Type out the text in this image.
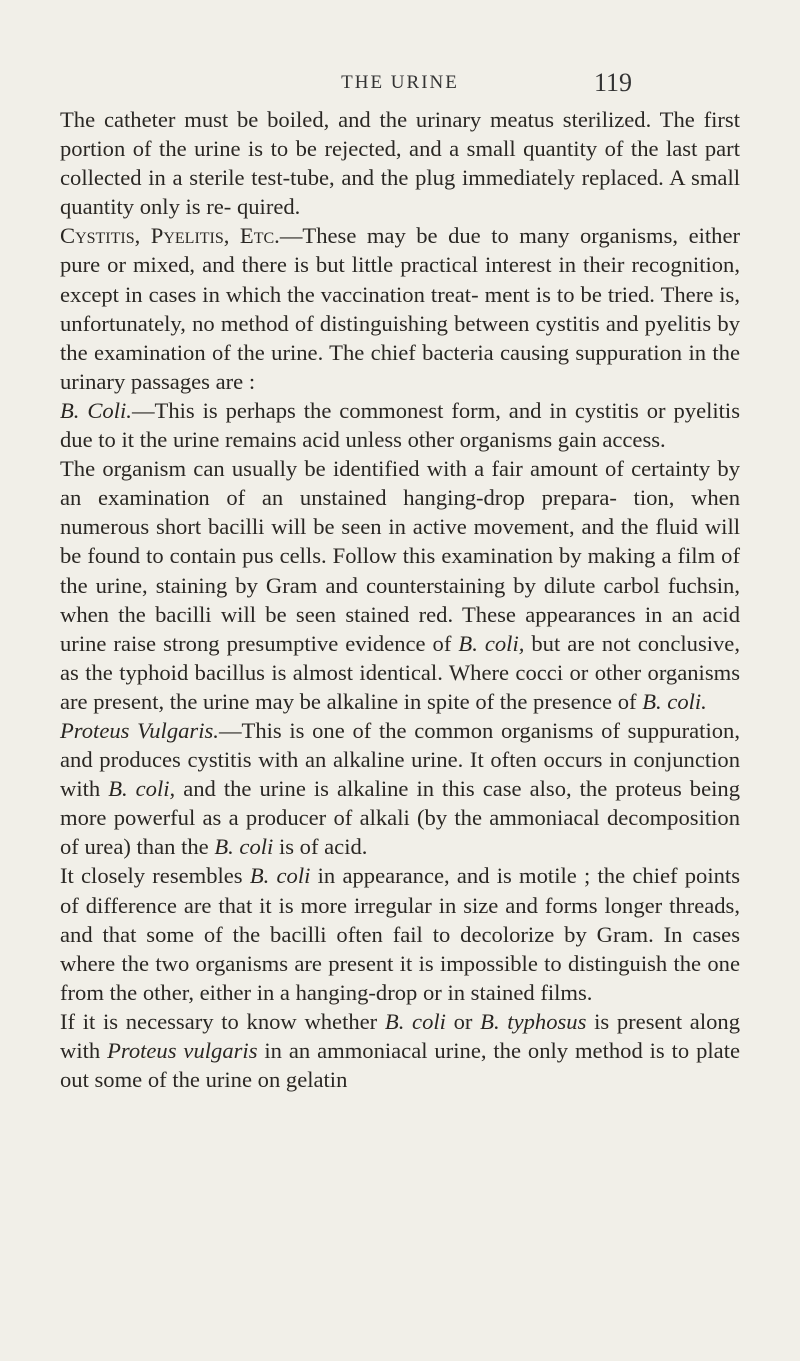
THE URINE	119

The catheter must be boiled, and the urinary meatus sterilized. The first portion of the urine is to be rejected, and a small quantity of the last part collected in a sterile test-tube, and the plug immediately replaced. A small quantity only is re- quired.

Cystitis, Pyelitis, Etc.—These may be due to many organisms, either pure or mixed, and there is but little practical interest in their recognition, except in cases in which the vaccination treat- ment is to be tried. There is, unfortunately, no method of distinguishing between cystitis and pyelitis by the examination of the urine. The chief bacteria causing suppuration in the urinary passages are :

B. Coli.—This is perhaps the commonest form, and in cystitis or pyelitis due to it the urine remains acid unless other organisms gain access.

The organism can usually be identified with a fair amount of certainty by an examination of an unstained hanging-drop prepara- tion, when numerous short bacilli will be seen in active movement, and the fluid will be found to contain pus cells. Follow this examination by making a film of the urine, staining by Gram and counterstaining by dilute carbol fuchsin, when the bacilli will be seen stained red. These appearances in an acid urine raise strong presumptive evidence of B. coli, but are not conclusive, as the typhoid bacillus is almost identical. Where cocci or other organisms are present, the urine may be alkaline in spite of the presence of B. coli.

Proteus Vulgaris.—This is one of the common organisms of suppuration, and produces cystitis with an alkaline urine. It often occurs in conjunction with B. coli, and the urine is alkaline in this case also, the proteus being more powerful as a producer of alkali (by the ammoniacal decomposition of urea) than the B. coli is of acid.

It closely resembles B. coli in appearance, and is motile ; the chief points of difference are that it is more irregular in size and forms longer threads, and that some of the bacilli often fail to decolorize by Gram. In cases where the two organisms are present it is impossible to distinguish the one from the other, either in a hanging-drop or in stained films.

If it is necessary to know whether B. coli or B. typhosus is present along with Proteus vulgaris in an ammoniacal urine, the only method is to plate out some of the urine on gelatin
